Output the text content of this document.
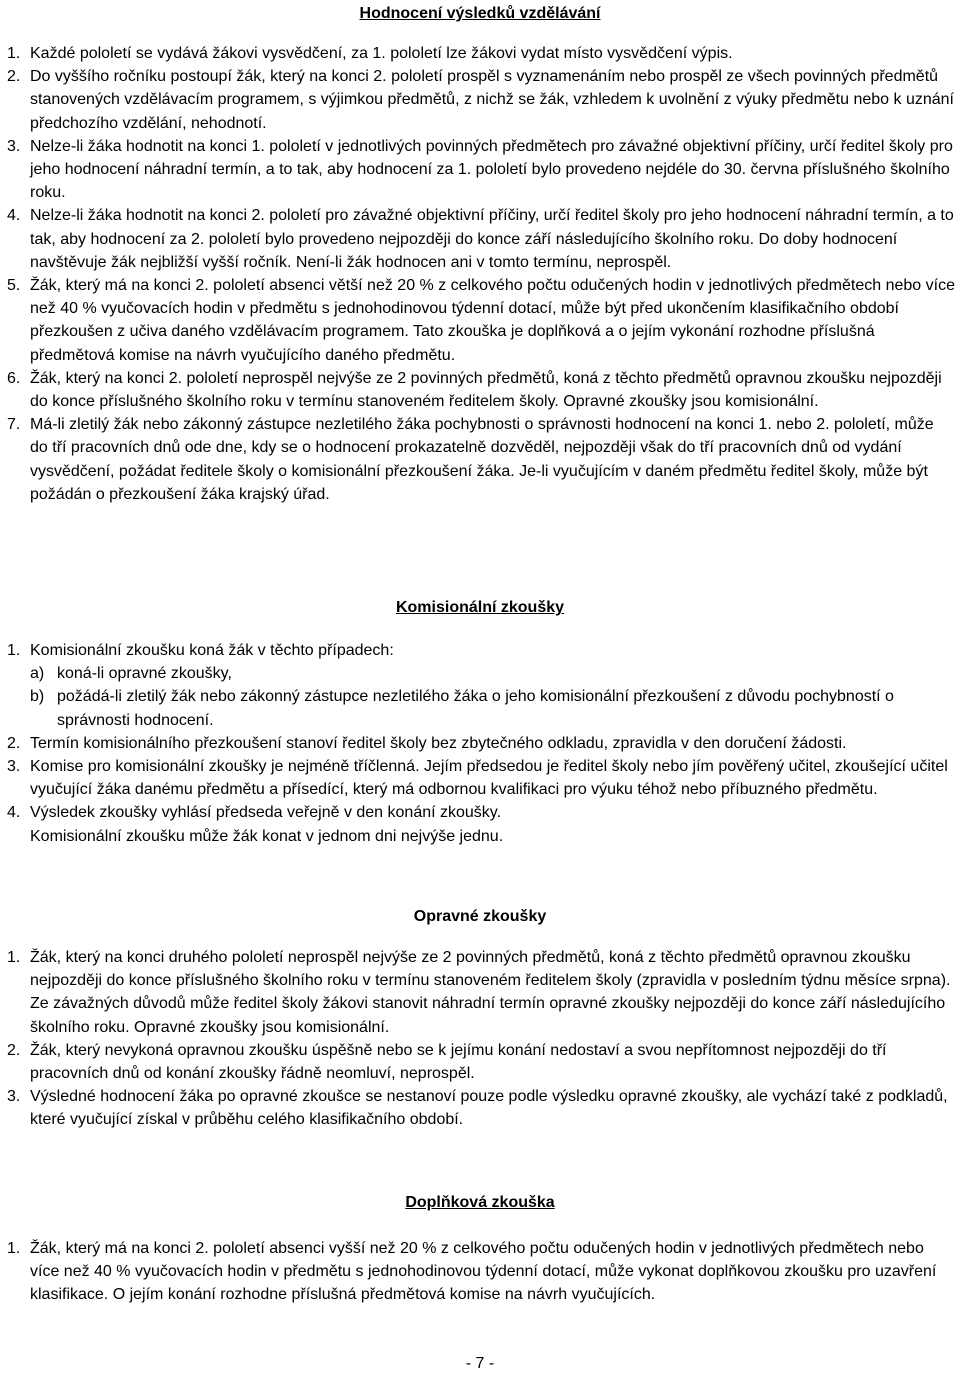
Hodnocení výsledků vzdělávání
1. Každé pololetí se vydává žákovi vysvědčení, za 1. pololetí lze žákovi vydat místo vysvědčení výpis.
2. Do vyššího ročníku postoupí žák, který na konci 2. pololetí prospěl s vyznamenáním nebo prospěl ze všech povinných předmětů stanovených vzdělávacím programem, s výjimkou předmětů, z nichž se žák, vzhledem k uvolnění z výuky předmětu nebo k uznání předchozího vzdělání, nehodnotí.
3. Nelze-li žáka hodnotit na konci 1. pololetí v jednotlivých povinných předmětech pro závažné objektivní příčiny, určí ředitel školy pro jeho hodnocení náhradní termín, a to tak, aby hodnocení za 1. pololetí bylo provedeno nejdéle do 30. června příslušného školního roku.
4. Nelze-li žáka hodnotit na konci 2. pololetí pro závažné objektivní příčiny, určí ředitel školy pro jeho hodnocení náhradní termín, a to tak, aby hodnocení za 2. pololetí bylo provedeno nejpozději do konce září následujícího školního roku. Do doby hodnocení navštěvuje žák nejbližší vyšší ročník. Není-li žák hodnocen ani v tomto termínu, neprospěl.
5. Žák, který má na konci 2. pololetí absenci větší než 20 % z celkového počtu odučených hodin v jednotlivých předmětech nebo více než 40 % vyučovacích hodin v předmětu s jednohodinovou týdenní dotací, může být před ukončením klasifikačního období přezkoušen z učiva daného vzdělávacím programem. Tato zkouška je doplňková a o jejím vykonání rozhodne příslušná předmětová komise na návrh vyučujícího daného předmětu.
6. Žák, který na konci 2. pololetí neprospěl nejvýše ze 2 povinných předmětů, koná z těchto předmětů opravnou zkoušku nejpozději do konce příslušného školního roku v termínu stanoveném ředitelem školy. Opravné zkoušky jsou komisionální.
7. Má-li zletilý žák nebo zákonný zástupce nezletilého žáka pochybnosti o správnosti hodnocení na konci 1. nebo 2. pololetí, může do tří pracovních dnů ode dne, kdy se o hodnocení prokazatelně dozvěděl, nejpozději však do tří pracovních dnů od vydání vysvědčení, požádat ředitele školy o komisionální přezkoušení žáka. Je-li vyučujícím v daném předmětu ředitel školy, může být požádán o přezkoušení žáka krajský úřad.
Komisionální zkoušky
1. Komisionální zkoušku koná žák v těchto případech:
a) koná-li opravné zkoušky,
b) požádá-li zletilý žák nebo zákonný zástupce nezletilého žáka o jeho komisionální přezkoušení z důvodu pochybností o správnosti hodnocení.
2. Termín komisionálního přezkoušení stanoví ředitel školy bez zbytečného odkladu, zpravidla v den doručení žádosti.
3. Komise pro komisionální zkoušky je nejméně tříčlenná. Jejím předsedou je ředitel školy nebo jím pověřený učitel, zkoušející učitel vyučující žáka danému předmětu a přísedící, který má odbornou kvalifikaci pro výuku téhož nebo příbuzného předmětu.
4. Výsledek zkoušky vyhlásí předseda veřejně v den konání zkoušky.
Komisionální zkoušku může žák konat v jednom dni nejvýše jednu.
Opravné zkoušky
1. Žák, který na konci druhého pololetí neprospěl nejvýše ze 2 povinných předmětů, koná z těchto předmětů opravnou zkoušku nejpozději do konce příslušného školního roku v termínu stanoveném ředitelem školy (zpravidla v posledním týdnu měsíce srpna). Ze závažných důvodů může ředitel školy žákovi stanovit náhradní termín opravné zkoušky nejpozději do konce září následujícího školního roku. Opravné zkoušky jsou komisionální.
2. Žák, který nevykoná opravnou zkoušku úspěšně nebo se k jejímu konání nedostaví a svou nepřítomnost nejpozději do tří pracovních dnů od konání zkoušky řádně neomluví, neprospěl.
3. Výsledné hodnocení žáka po opravné zkoušce se nestanoví pouze podle výsledku opravné zkoušky, ale vychází také z podkladů, které vyučující získal v průběhu celého klasifikačního období.
Doplňková zkouška
1. Žák, který má na konci 2. pololetí absenci vyšší než 20 % z celkového počtu odučených hodin v jednotlivých předmětech nebo více než 40 % vyučovacích hodin v předmětu s jednohodinovou týdenní dotací, může vykonat doplňkovou zkoušku pro uzavření klasifikace. O jejím konání rozhodne příslušná předmětová komise na návrh vyučujících.
- 7 -
